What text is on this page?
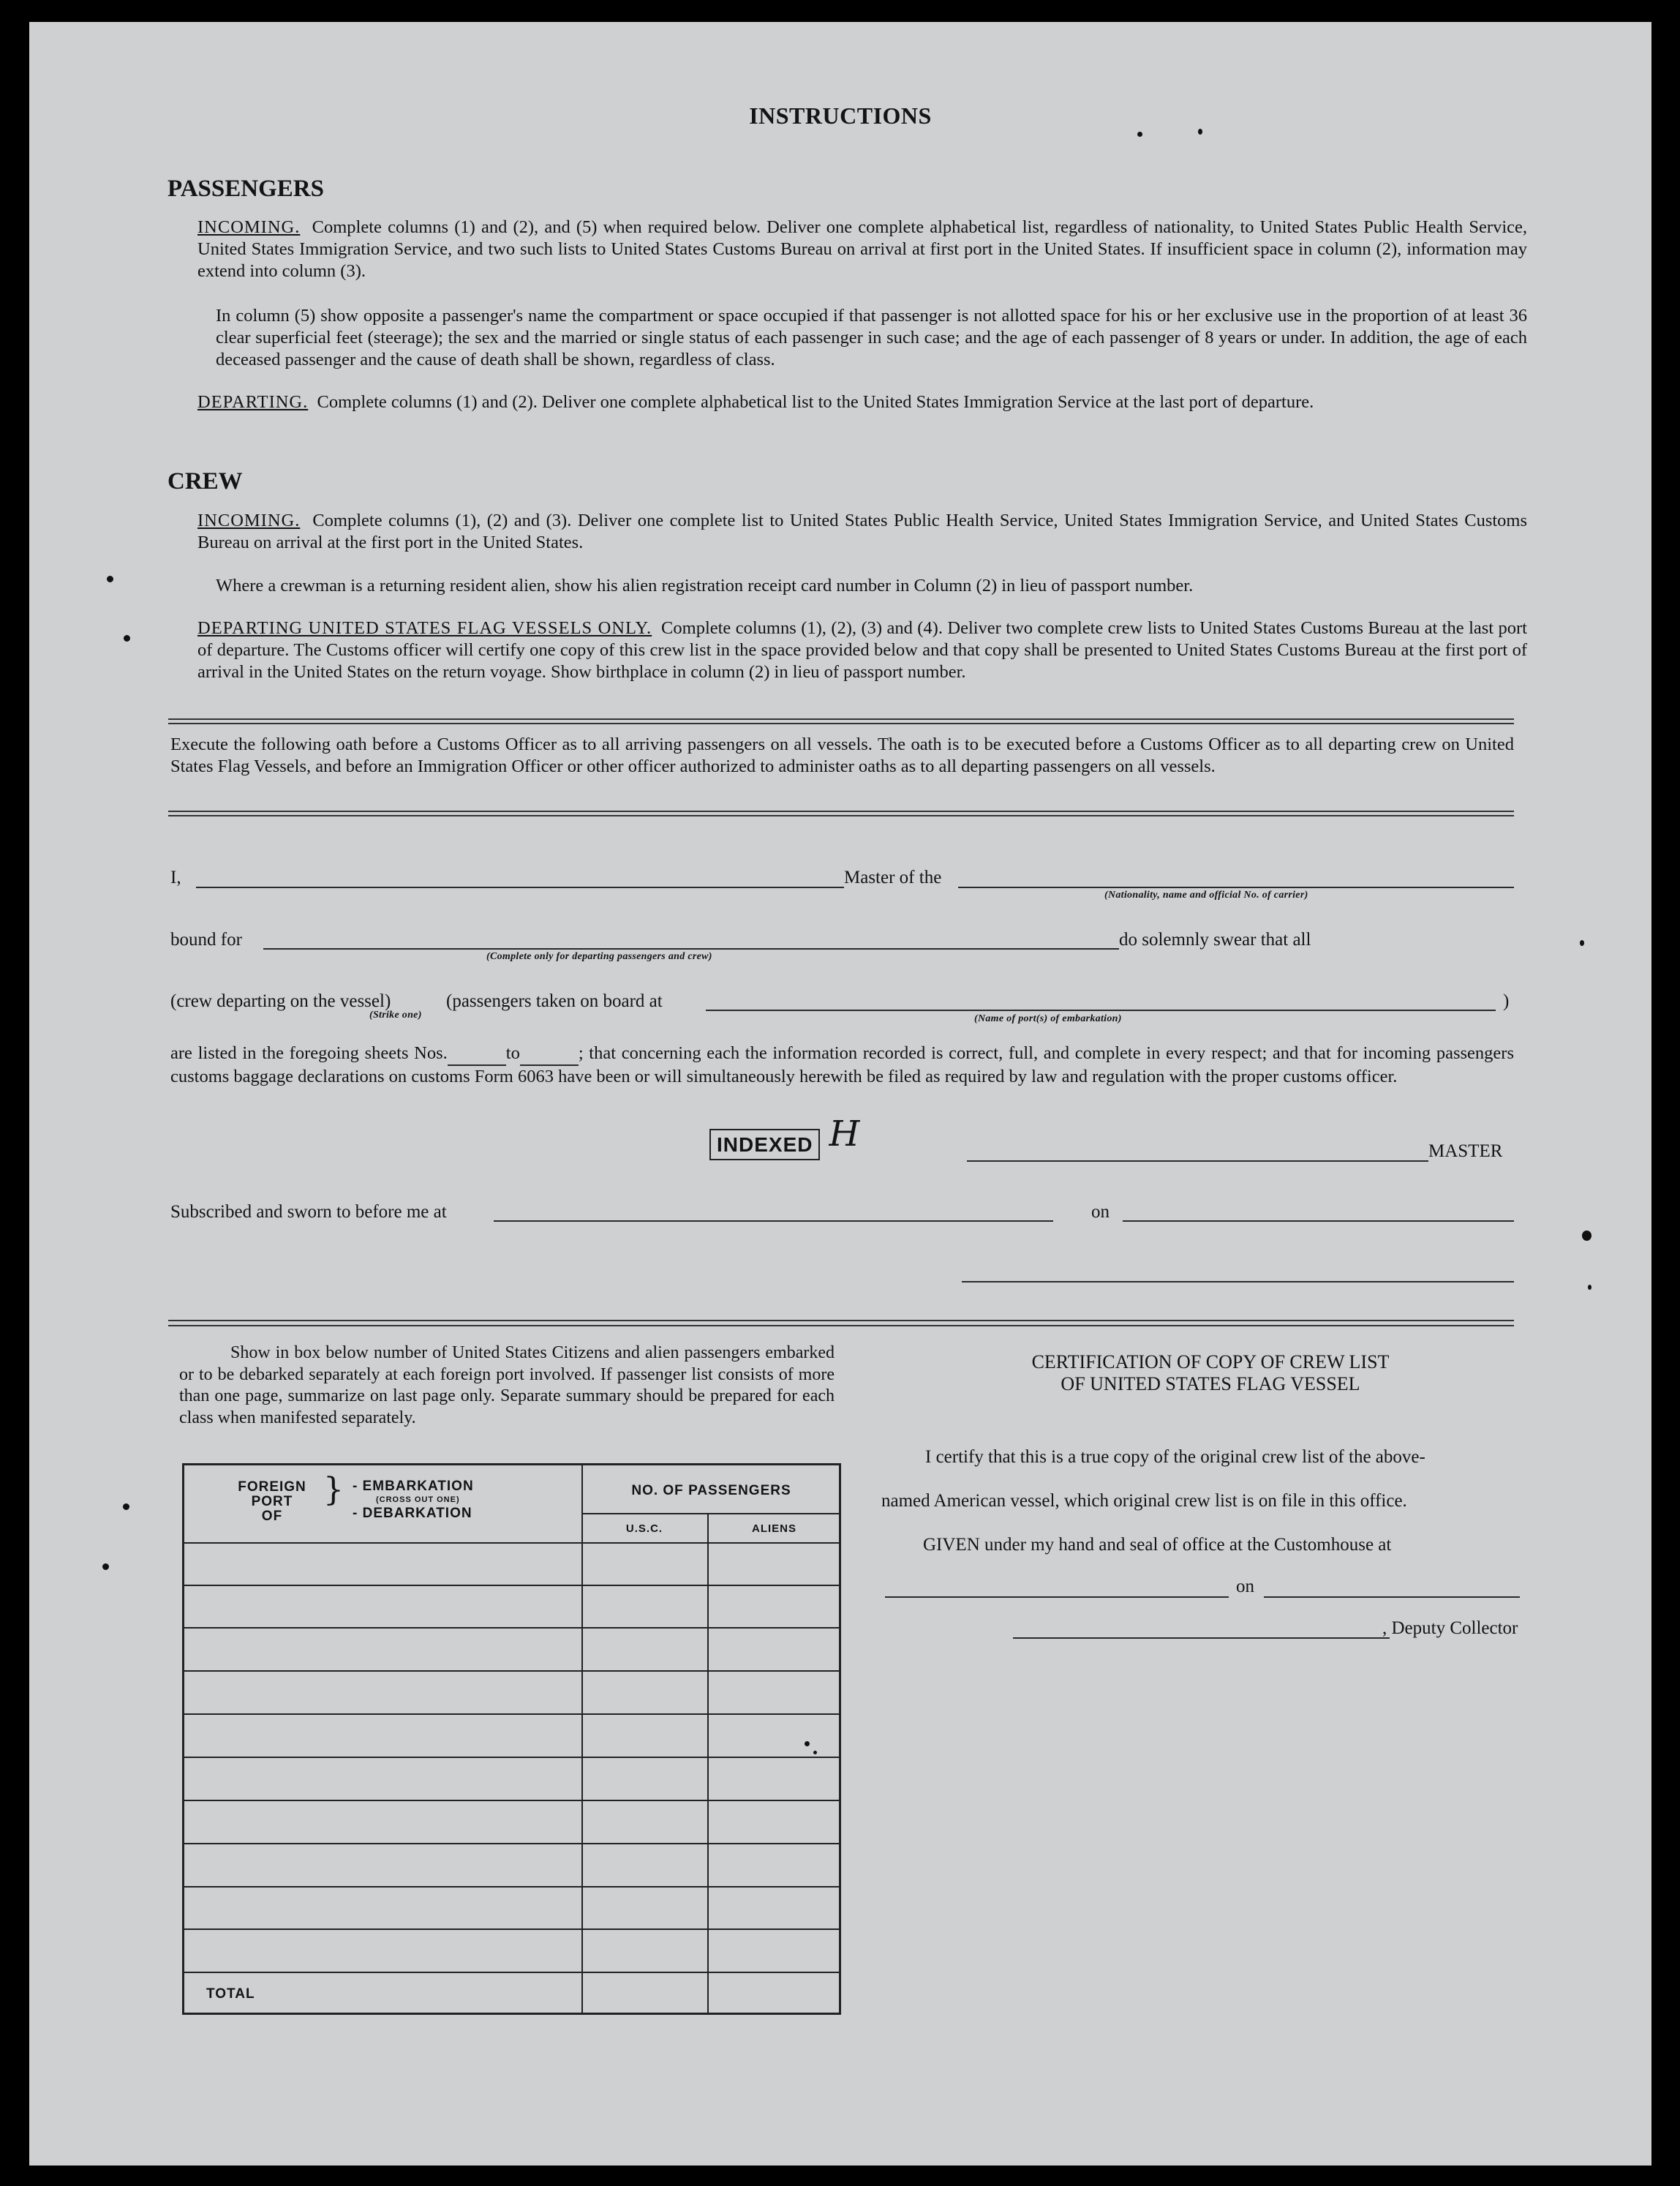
INSTRUCTIONS
PASSENGERS
INCOMING. Complete columns (1) and (2), and (5) when required below. Deliver one complete alphabetical list, regardless of nationality, to United States Public Health Service, United States Immigration Service, and two such lists to United States Customs Bureau on arrival at first port in the United States. If insufficient space in column (2), information may extend into column (3).
In column (5) show opposite a passenger's name the compartment or space occupied if that passenger is not allotted space for his or her exclusive use in the proportion of at least 36 clear superficial feet (steerage); the sex and the married or single status of each passenger in such case; and the age of each passenger of 8 years or under. In addition, the age of each deceased passenger and the cause of death shall be shown, regardless of class.
DEPARTING. Complete columns (1) and (2). Deliver one complete alphabetical list to the United States Immigration Service at the last port of departure.
CREW
INCOMING. Complete columns (1), (2) and (3). Deliver one complete list to United States Public Health Service, United States Immigration Service, and United States Customs Bureau on arrival at the first port in the United States.
Where a crewman is a returning resident alien, show his alien registration receipt card number in Column (2) in lieu of passport number.
DEPARTING UNITED STATES FLAG VESSELS ONLY. Complete columns (1), (2), (3) and (4). Deliver two complete crew lists to United States Customs Bureau at the last port of departure. The Customs officer will certify one copy of this crew list in the space provided below and that copy shall be presented to United States Customs Bureau at the first port of arrival in the United States on the return voyage. Show birthplace in column (2) in lieu of passport number.
Execute the following oath before a Customs Officer as to all arriving passengers on all vessels. The oath is to be executed before a Customs Officer as to all departing crew on United States Flag Vessels, and before an Immigration Officer or other officer authorized to administer oaths as to all departing passengers on all vessels.
I,	Master of the
(Nationality, name and official No. of carrier)
bound for
(Complete only for departing passengers and crew)
do solemnly swear that all
(crew departing on the vessel)	(passengers taken on board at
(Strike one)	(Name of port(s) of embarkation)
)
are listed in the foregoing sheets Nos.	to	; that concerning each the information recorded is correct, full, and complete in every respect; and that for incoming passengers customs baggage declarations on customs Form 6063 have been or will simultaneously herewith be filed as required by law and regulation with the proper customs officer.
INDEXED H	MASTER
Subscribed and sworn to before me at	on
Show in box below number of United States Citizens and alien passengers embarked or to be debarked separately at each foreign port involved. If passenger list consists of more than one page, summarize on last page only. Separate summary should be prepared for each class when manifested separately.
FOREIGN
PORT
OF
} - EMBARKATION
(CROSS OUT ONE)
- DEBARKATION
NO. OF PASSENGERS
U.S.C.	ALIENS
TOTAL
CERTIFICATION OF COPY OF CREW LIST
OF UNITED STATES FLAG VESSEL
I certify that this is a true copy of the original crew list of the above-
named American vessel, which original crew list is on file in this office.
GIVEN under my hand and seal of office at the Customhouse at
on
, Deputy Collector
